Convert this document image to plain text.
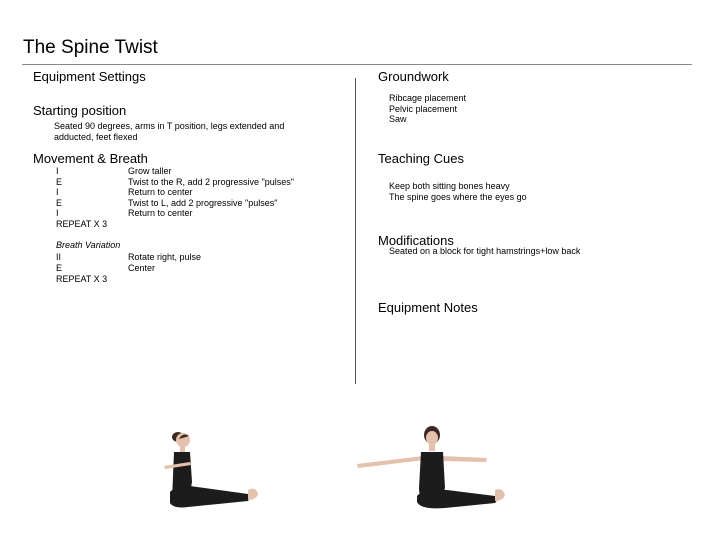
The Spine Twist
Equipment Settings
Starting position
Seated 90 degrees, arms in T position, legs extended and
adducted, feet flexed
Movement & Breath
I	Grow taller
E	Twist to the R, add 2 progressive "pulses"
I	Return to center
E	Twist to L, add 2 progressive "pulses"
I	Return to center
REPEAT X 3
Breath Variation
II	Rotate right, pulse
E	Center
REPEAT X 3
Groundwork
Ribcage placement
Pelvic placement
Saw
Teaching Cues
Keep both sitting bones heavy
The spine goes where the eyes go
Modifications
Seated on a block for tight hamstrings+low back
Equipment Notes
